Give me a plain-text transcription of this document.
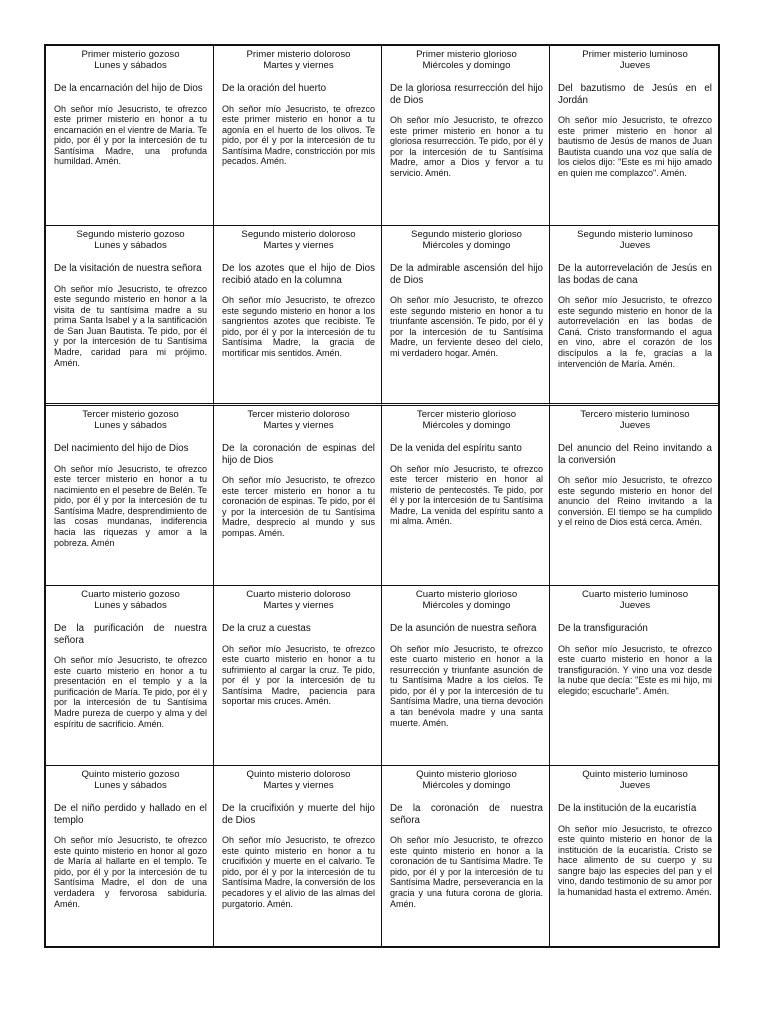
Primer misterio gozoso

Lunes y sábados

De la encarnación del hijo de Dios

Oh señor mío Jesucristo, te ofrezco este primer misterio en honor a tu encarnación en el vientre de María. Te pido, por él y por la intercesión de tu Santísima Madre, una profunda humildad. Amén.

Primer misterio doloroso

Martes y viernes

De la oración del huerto

Oh señor mío Jesucristo, te ofrezco este primer misterio en honor a tu agonía en el huerto de los olivos. Te pido, por él y por la intercesión de tu Santísima Madre, constricción por mis pecados. Amén.

Primer misterio glorioso

Miércoles y domingo

De la gloriosa resurrección del hijo de Dios

Oh señor mío Jesucristo, te ofrezco este primer misterio en honor a tu gloriosa resurrección. Te pido, por él y por la intercesión de tu Santísima Madre, amor a Dios y fervor a tu servicio. Amén.

Primer misterio luminoso

Jueves

Del bazutismo de Jesús en el Jordán

Oh señor mío Jesucristo, te ofrezco este primer misterio en honor al bautismo de Jesús de manos de Juan Bautista cuando una voz que salía de los cielos dijo: "Este es mi hijo amado en quien me complazco". Amén.

Segundo misterio gozoso

Lunes y sábados

De la visitación de nuestra señora

Oh señor mío Jesucristo, te ofrezco este segundo misterio en honor a la visita de tu santísima madre a su prima Santa Isabel y a la santificación de San Juan Bautista. Te pido, por él y por la intercesión de tu Santísima Madre, caridad para mi prójimo. Amén.

Segundo misterio doloroso

Martes y viernes

De los azotes que el hijo de Dios recibió atado en la columna

Oh señor mío Jesucristo, te ofrezco este segundo misterio en honor a los sangrientos azotes que recibiste. Te pido, por él y por la intercesión de tu Santísima Madre, la gracia de mortificar mis sentidos. Amén.

Segundo misterio glorioso

Miércoles y domingo

De la admirable ascensión del hijo de Dios

Oh señor mío Jesucristo, te ofrezco este segundo misterio en honor a tu triunfante ascensión. Te pido, por él y por la intercesión de tu Santísima Madre, un ferviente deseo del cielo, mi verdadero hogar. Amén.

Segundo misterio luminoso

Jueves

De la autorrevelación de Jesús en las bodas de cana

Oh señor mío Jesucristo, te ofrezco este segundo misterio en honor de la autorrevelación en las bodas de Caná. Cristo transformando el agua en vino, abre el corazón de los discípulos a la fe, gracias a la intervención de María. Amén.

Tercer misterio gozoso

Lunes y sábados

Del nacimiento del hijo de Dios

Oh señor mío Jesucristo, te ofrezco este tercer misterio en honor a tu nacimiento en el pesebre de Belén. Te pido, por él y por la intercesión de tu Santísima Madre, desprendimiento de las cosas mundanas, indiferencia hacia las riquezas y amor a la pobreza. Amén

Tercer misterio doloroso

Martes y viernes

De la coronación de espinas del hijo de Dios

Oh señor mío Jesucristo, te ofrezco este tercer misterio en honor a tu coronación de espinas. Te pido, por él y por la intercesión de tu Santísima Madre, desprecio al mundo y sus pompas. Amén.

Tercer misterio glorioso

Miércoles y domingo

De la venida del espíritu santo

Oh señor mío Jesucristo, te ofrezco este tercer misterio en honor al misterio de pentecostés. Te pido, por él y por la intercesión de tu Santísima Madre, La venida del espíritu santo a mi alma. Amén.

Tercero misterio luminoso

Jueves

Del anuncio del Reino invitando a la conversión

Oh señor mío Jesucristo, te ofrezco este segundo misterio en honor del anuncio del Reino invitando a la conversión. El tiempo se ha cumplido y el reino de Dios está cerca. Amén.

Cuarto misterio gozoso

Lunes y sábados

De la purificación de nuestra señora

Oh señor mío Jesucristo, te ofrezco este cuarto misterio en honor a tu presentación en el templo y a la purificación de María. Te pido, por él y por la intercesión de tu Santísima Madre pureza de cuerpo y alma y del espíritu de sacrificio. Amén.

Cuarto misterio doloroso

Martes y viernes

De la cruz a cuestas

Oh señor mío Jesucristo, te ofrezco este cuarto misterio en honor a tu sufrimiento al cargar la cruz. Te pido, por él y por la intercesión de tu Santísima Madre, paciencia para soportar mis cruces. Amén.

Cuarto misterio glorioso

Miércoles y domingo

De la asunción de nuestra señora

Oh señor mío Jesucristo, te ofrezco este cuarto misterio en honor a la resurrección y triunfante asunción de tu Santísima Madre a los cielos. Te pido, por él y por la intercesión de tu Santísima Madre, una tierna devoción a tan benévola madre y una santa muerte. Amén.

Cuarto misterio luminoso

Jueves

De la transfiguración

Oh señor mío Jesucristo, te ofrezco este cuarto misterio en honor a la transfiguración. Y vino una voz desde la nube que decía: "Este es mi hijo, mi elegido; escucharle". Amén.

Quinto misterio gozoso

Lunes y sábados

De el niño perdido y hallado en el templo

Oh señor mío Jesucristo, te ofrezco este quinto misterio en honor al gozo de María al hallarte en el templo. Te pido, por él y por la intercesión de tu Santísima Madre, el don de una verdadera y fervorosa sabiduría. Amén.

Quinto misterio doloroso

Martes y viernes

De la crucifixión y muerte del hijo de Dios

Oh señor mío Jesucristo, te ofrezco este quinto misterio en honor a tu crucifixión y muerte en el calvario. Te pido, por él y por la intercesión de tu Santísima Madre, la conversión de los pecadores y el alivio de las almas del purgatorio. Amén.

Quinto misterio glorioso

Miércoles y domingo

De la coronación de nuestra señora

Oh señor mío Jesucristo, te ofrezco este quinto misterio en honor a la coronación de tu Santísima Madre. Te pido, por él y por la intercesión de tu Santísima Madre, perseverancia en la gracia y una futura corona de gloria. Amén.

Quinto misterio luminoso

Jueves

De la institución de la eucaristía

Oh señor mío Jesucristo, te ofrezco este quinto misterio en honor de la institución de la eucaristía. Cristo se hace alimento de su cuerpo y su sangre bajo las especies del pan y el vino, dando testimonio de su amor por la humanidad hasta el extremo. Amén.
